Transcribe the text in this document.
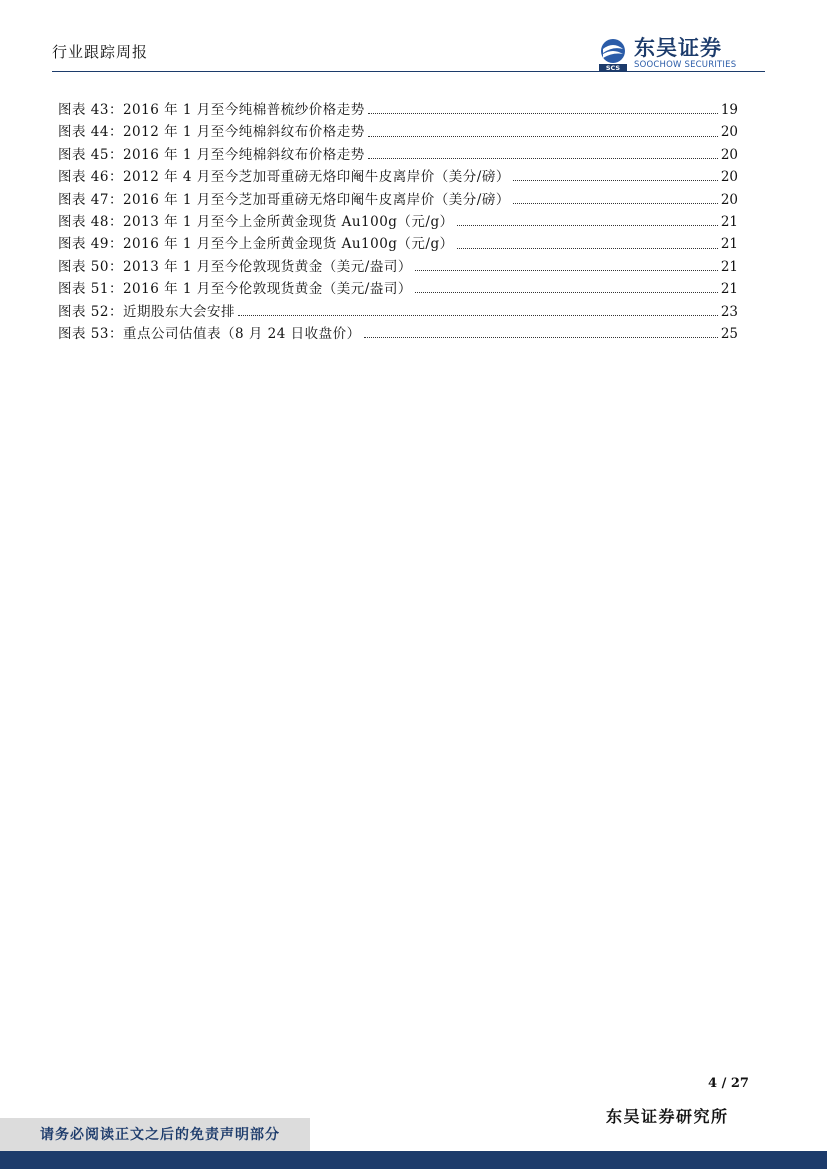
行业跟踪周报
SCS
东吴证券
SOOCHOW SECURITIES
图表 43：2016 年 1 月至今纯棉普梳纱价格走势	19
图表 44：2012 年 1 月至今纯棉斜纹布价格走势	20
图表 45：2016 年 1 月至今纯棉斜纹布价格走势	20
图表 46：2012 年 4 月至今芝加哥重磅无烙印阉牛皮离岸价（美分/磅）	20
图表 47：2016 年 1 月至今芝加哥重磅无烙印阉牛皮离岸价（美分/磅）	20
图表 48：2013 年 1 月至今上金所黄金现货 Au100g（元/g）	21
图表 49：2016 年 1 月至今上金所黄金现货 Au100g（元/g）	21
图表 50：2013 年 1 月至今伦敦现货黄金（美元/盎司）	21
图表 51：2016 年 1 月至今伦敦现货黄金（美元/盎司）	21
图表 52：近期股东大会安排	23
图表 53：重点公司估值表（8 月 24 日收盘价）	25
4 / 27
东吴证券研究所
请务必阅读正文之后的免责声明部分
